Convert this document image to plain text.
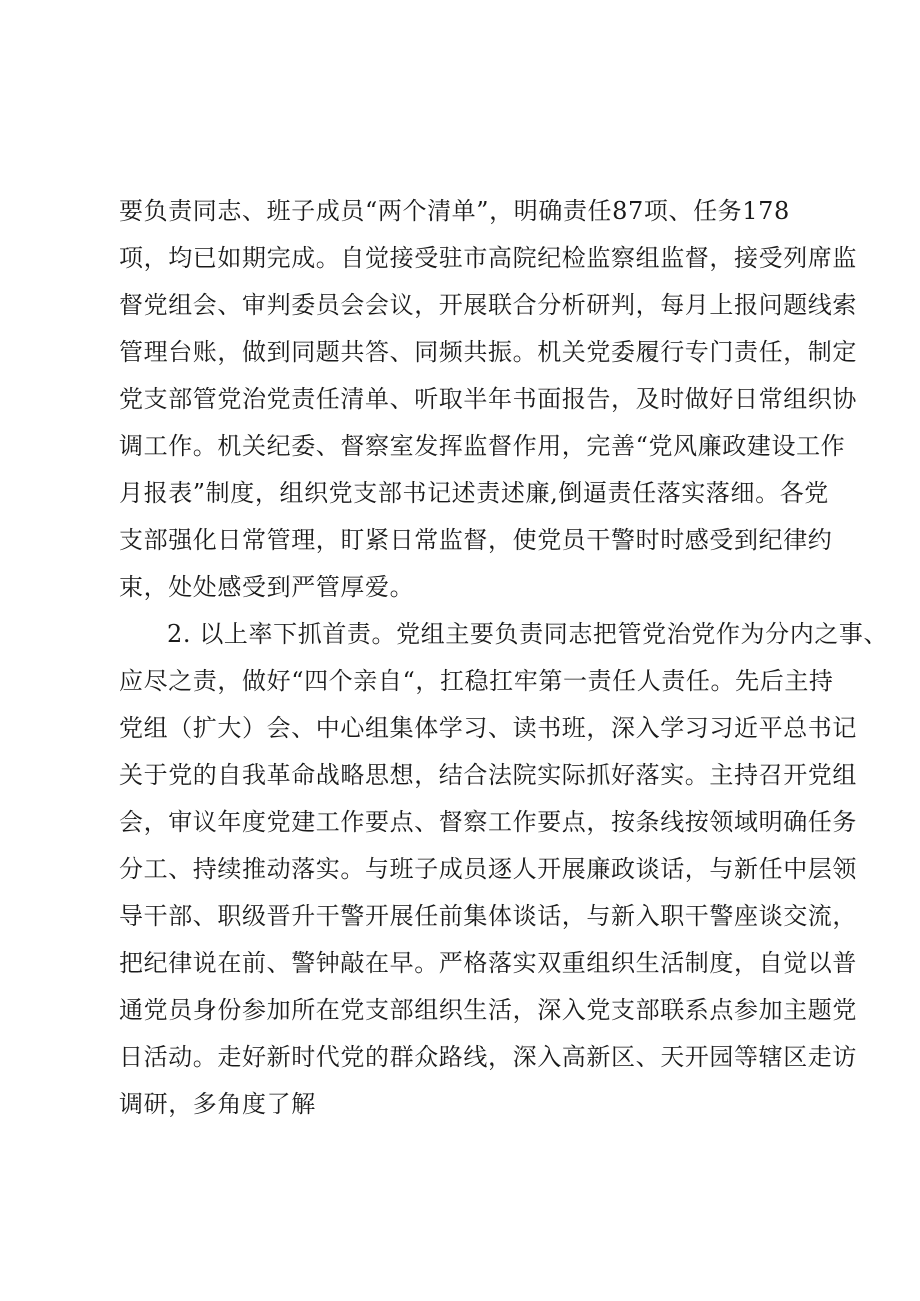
要负责同志、班子成员“两个清单”，明确责任87项、任务178

项，均已如期完成。自觉接受驻市高院纪检监察组监督，接受列席监

督党组会、审判委员会会议，开展联合分析研判，每月上报问题线索

管理台账，做到同题共答、同频共振。机关党委履行专门责任，制定

党支部管党治党责任清单、听取半年书面报告，及时做好日常组织协

调工作。机关纪委、督察室发挥监督作用，完善“党风廉政建设工作

月报表”制度，组织党支部书记述责述廉,倒逼责任落实落细。各党

支部强化日常管理，盯紧日常监督，使党员干警时时感受到纪律约

束，处处感受到严管厚爱。

2. 以上率下抓首责。党组主要负责同志把管党治党作为分内之事、

应尽之责，做好“四个亲自“，扛稳扛牢第一责任人责任。先后主持

党组（扩大）会、中心组集体学习、读书班，深入学习习近平总书记

关于党的自我革命战略思想，结合法院实际抓好落实。主持召开党组

会，审议年度党建工作要点、督察工作要点，按条线按领域明确任务

分工、持续推动落实。与班子成员逐人开展廉政谈话，与新任中层领

导干部、职级晋升干警开展任前集体谈话，与新入职干警座谈交流，

把纪律说在前、警钟敲在早。严格落实双重组织生活制度，自觉以普

通党员身份参加所在党支部组织生活，深入党支部联系点参加主题党

日活动。走好新时代党的群众路线，深入高新区、天开园等辖区走访

调研，多角度了解
